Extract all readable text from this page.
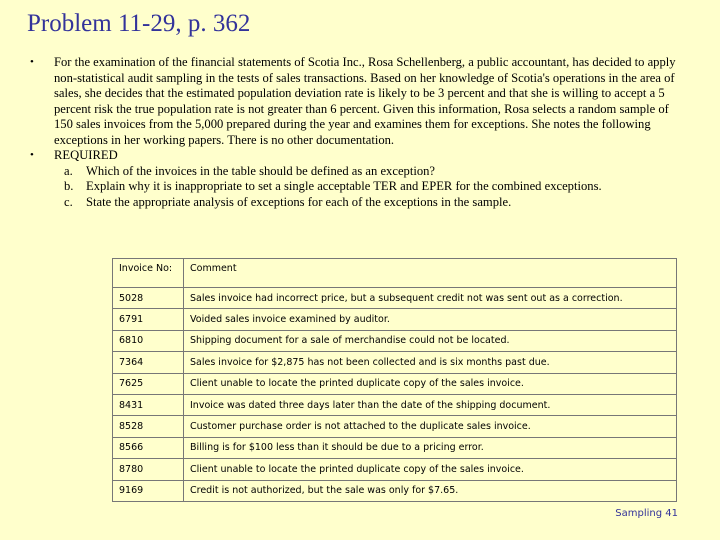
Problem 11-29, p. 362
•	For the examination of the financial statements of Scotia Inc., Rosa Schellenberg, a public accountant, has decided to apply non-statistical audit sampling in the tests of sales transactions. Based on her knowledge of Scotia's operations in the area of sales, she decides that the estimated population deviation rate is likely to be 3 percent and that she is willing to accept a 5 percent risk the true population rate is not greater than 6 percent. Given this information, Rosa selects a random sample of 150 sales invoices from the 5,000 prepared during the year and examines them for exceptions. She notes the following exceptions in her working papers. There is no other documentation.
•	REQUIRED
a.	Which of the invoices in the table should be defined as an exception?
b. Explain why it is inappropriate to set a single acceptable TER and EPER for the combined exceptions.
c.	State the appropriate analysis of exceptions for each of the exceptions in the sample.
Invoice No:	Comment
5028	Sales invoice had incorrect price, but a subsequent credit not was sent out as a correction.
6791	Voided sales invoice examined by auditor.
6810	Shipping document for a sale of merchandise could not be located.
7364	Sales invoice for $2,875 has not been collected and is six months past due.
7625	Client unable to locate the printed duplicate copy of the sales invoice.
8431	Invoice was dated three days later than the date of the shipping document.
8528	Customer purchase order is not attached to the duplicate sales invoice.
8566	Billing is for $100 less than it should be due to a pricing error.
8780	Client unable to locate the printed duplicate copy of the sales invoice.
9169	Credit is not authorized, but the sale was only for $7.65.
Sampling 41
